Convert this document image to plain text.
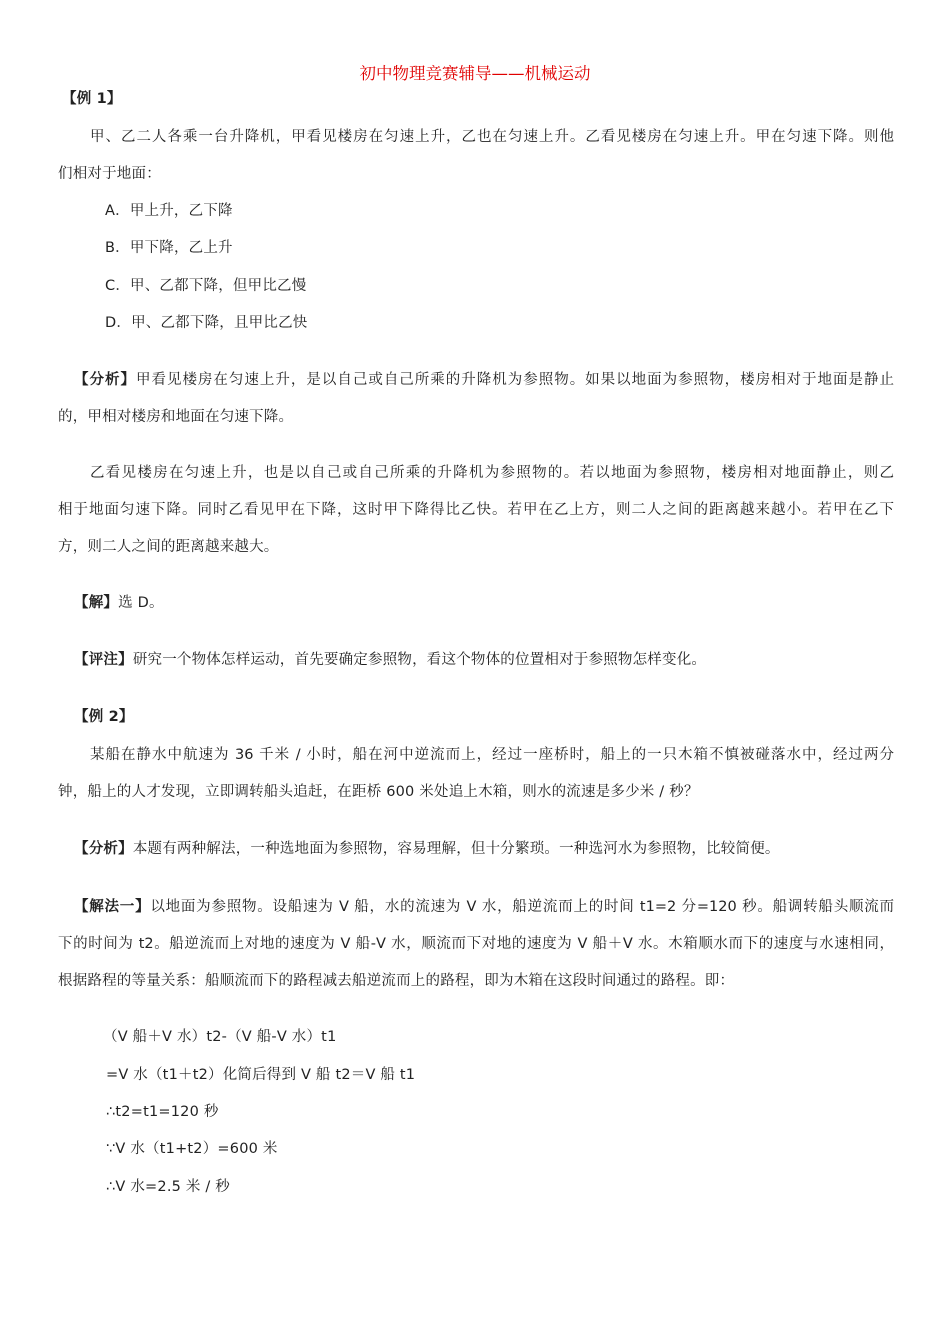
初中物理竞赛辅导——机械运动
【例 1】
甲、乙二人各乘一台升降机，甲看见楼房在匀速上升，乙也在匀速上升。乙看见楼房在匀速上升。甲在匀速下降。则他
们相对于地面：
A．甲上升，乙下降
B．甲下降，乙上升
C．甲、乙都下降，但甲比乙慢
D．甲、乙都下降，且甲比乙快
【分析】甲看见楼房在匀速上升，是以自己或自己所乘的升降机为参照物。如果以地面为参照物，楼房相对于地面是静止
的，甲相对楼房和地面在匀速下降。
乙看见楼房在匀速上升，也是以自己或自己所乘的升降机为参照物的。若以地面为参照物，楼房相对地面静止，则乙
相于地面匀速下降。同时乙看见甲在下降，这时甲下降得比乙快。若甲在乙上方，则二人之间的距离越来越小。若甲在乙下
方，则二人之间的距离越来越大。
【解】选 D。
【评注】研究一个物体怎样运动，首先要确定参照物，看这个物体的位置相对于参照物怎样变化。
【例 2】
某船在静水中航速为 36 千米 / 小时，船在河中逆流而上，经过一座桥时，船上的一只木箱不慎被碰落水中，经过两分
钟，船上的人才发现，立即调转船头追赶，在距桥 600 米处追上木箱，则水的流速是多少米 / 秒？
【分析】本题有两种解法，一种选地面为参照物，容易理解，但十分繁琐。一种选河水为参照物，比较简便。
【解法一】以地面为参照物。设船速为 V 船，水的流速为 V 水，船逆流而上的时间 t1=2 分=120 秒。船调转船头顺流而
下的时间为 t2。船逆流而上对地的速度为 V 船-V 水，顺流而下对地的速度为 V 船＋V 水。木箱顺水而下的速度与水速相同，
根据路程的等量关系：船顺流而下的路程减去船逆流而上的路程，即为木箱在这段时间通过的路程。即：
（V 船＋V 水）t2-（V 船-V 水）t1
=V 水（t1＋t2）化简后得到 V 船 t2＝V 船 t1
∴t2=t1=120 秒
∵V 水（t1+t2）=600 米
∴V 水=2.5 米 / 秒
